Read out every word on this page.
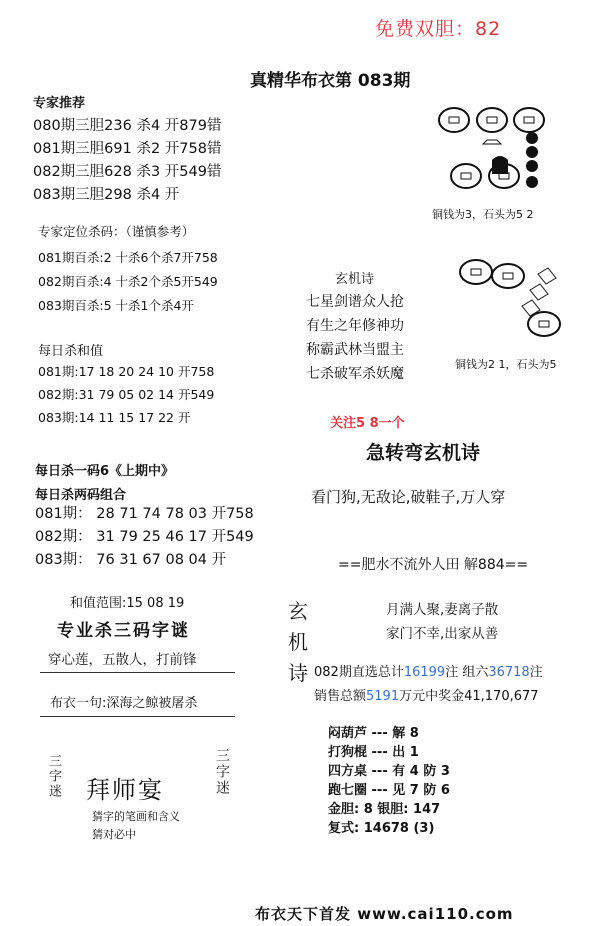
免费双胆：82
真精华布衣第 083期
专家推荐
080期三胆236 杀4 开879错
081期三胆691 杀2 开758错
082期三胆628 杀3 开549错
083期三胆298 杀4 开
专家定位杀码：（谨慎参考）
081期百杀:2 十杀6个杀7开758
082期百杀:4 十杀2个杀5开549
083期百杀:5 十杀1个杀4开
每日杀和值
081期:17 18 20 24 10 开758
082期:31 79 05 02 14 开549
083期:14 11 15 17 22 开
每日杀一码6《上期中》
每日杀两码组合
081期： 28 71 74 78 03 开758
082期： 31 79 25 46 17 开549
083期： 76 31 67 08 04 开
和值范围:15 08 19
专业杀三码字谜
穿心莲，五散人，打前锋
布衣一句:深海之鲸被屠杀
三字迷 拜师宴	三字迷
猜字的笔画和含义
猜对必中
铜钱为3，石头为5 2
铜钱为2 1，石头为5
玄机诗
七星剑谱众人抢
有生之年修神功
称霸武林当盟主
七杀破军杀妖魔
关注5 8一个
急转弯玄机诗
看门狗,无敌论,破鞋子,万人穿
==肥水不流外人田 解884==
玄
机
诗
月满人聚,妻离子散
家门不幸,出家从善
082期直选总计16199注 组六36718注
销售总额5191万元中奖金41,170,677
闷葫芦 --- 解 8
打狗棍 --- 出 1
四方桌 --- 有 4 防 3
跑七圈 --- 见 7 防 6
金胆: 8 银胆: 147
复式: 14678 (3)
布衣天下首发 www.cai110.com
